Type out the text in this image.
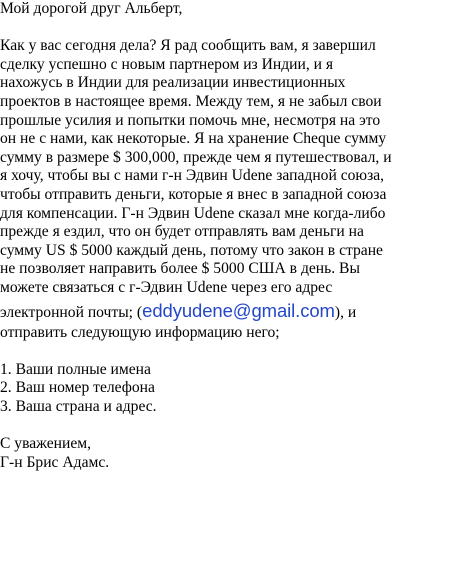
Мой дорогой друг Альберт,
Как у вас сегодня дела? Я рад сообщить вам, я завершил
сделку успешно с новым партнером из Индии, и я
нахожусь в Индии для реализации инвестиционных
проектов в настоящее время. Между тем, я не забыл свои
прошлые усилия и попытки помочь мне, несмотря на это
он не с нами, как некоторые. Я на хранение Cheque сумму
сумму в размере $ 300,000, прежде чем я путешествовал, и
я хочу, чтобы вы с нами г-н Эдвин Udene западной союза,
чтобы отправить деньги, которые я внес в западной союза
для компенсации. Г-н Эдвин Udene сказал мне когда-либо
прежде я ездил, что он будет отправлять вам деньги на
сумму US $ 5000 каждый день, потому что закон в стране
не позволяет направить более $ 5000 США в день. Вы
можете связаться с г-Эдвин Udene через его адрес
электронной почты; (eddyudene@gmail.com), и
отправить следующую информацию него;
1. Ваши полные имена
2. Ваш номер телефона
3. Ваша страна и адрес.
С уважением,
Г-н Брис Адамс.
